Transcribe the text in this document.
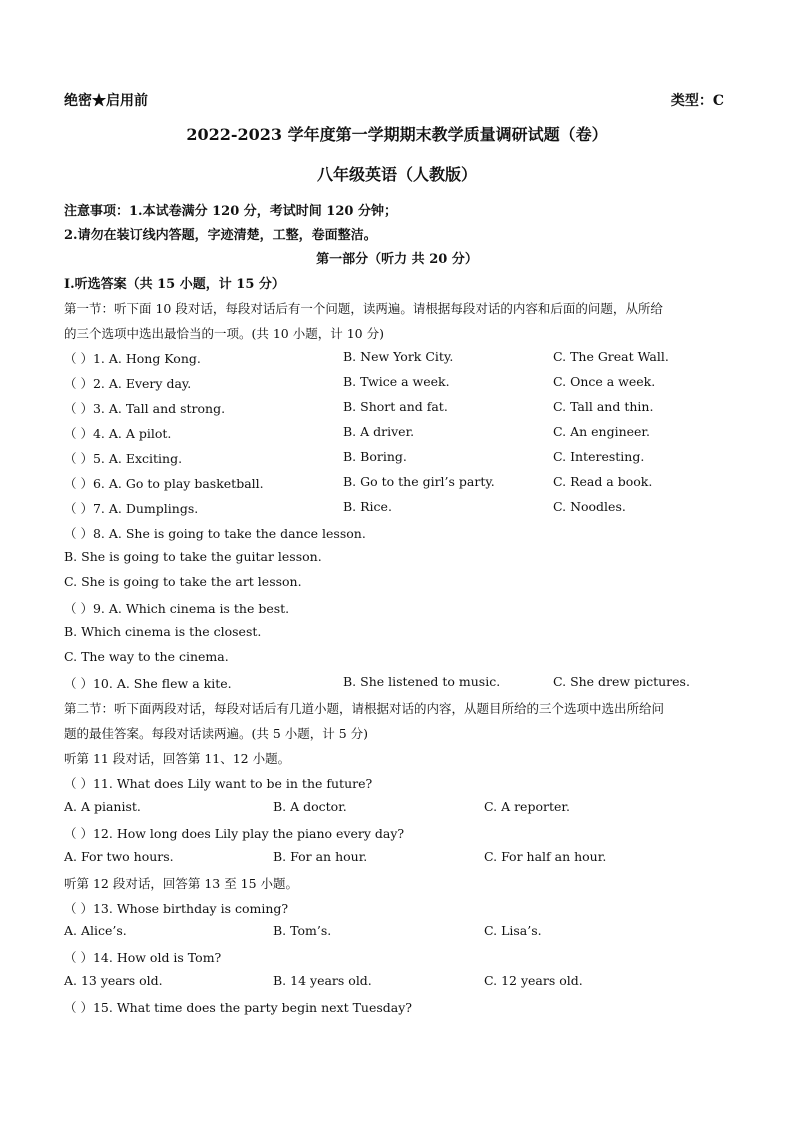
绝密★启用前	类型：C
2022-2023 学年度第一学期期末教学质量调研试题（卷）
八年级英语（人教版）
注意事项：1.本试卷满分 120 分，考试时间 120 分钟；
2.请勿在装订线内答题，字迹清楚，工整，卷面整洁。
第一部分（听力 共 20 分）
Ⅰ.听选答案（共 15 小题，计 15 分）
第一节：听下面 10 段对话，每段对话后有一个问题，读两遍。请根据每段对话的内容和后面的问题，从所给
的三个选项中选出最恰当的一项。(共 10 小题，计 10 分)
（ ）1. A. Hong Kong.	B. New York City.	C. The Great Wall.
（ ）2. A. Every day.	B. Twice a week.	C. Once a week.
（ ）3. A. Tall and strong.	B. Short and fat.	C. Tall and thin.
（ ）4. A. A pilot.	B. A driver.	C. An engineer.
（ ）5. A. Exciting.	B. Boring.	C. Interesting.
（ ）6. A. Go to play basketball.	B. Go to the girl’s party.	C. Read a book.
（ ）7. A. Dumplings.	B. Rice.	C. Noodles.
（ ）8. A. She is going to take the dance lesson.
B. She is going to take the guitar lesson.
C. She is going to take the art lesson.
（ ）9. A. Which cinema is the best.
B. Which cinema is the closest.
C. The way to the cinema.
（ ）10. A. She flew a kite.	B. She listened to music.	C. She drew pictures.
第二节：听下面两段对话，每段对话后有几道小题，请根据对话的内容，从题目所给的三个选项中选出所给问
题的最佳答案。每段对话读两遍。(共 5 小题，计 5 分)
听第 11 段对话，回答第 11、12 小题。
（ ）11. What does Lily want to be in the future?
A. A pianist.	B. A doctor.	C. A reporter.
（ ）12. How long does Lily play the piano every day?
A. For two hours.	B. For an hour.	C. For half an hour.
听第 12 段对话，回答第 13 至 15 小题。
（ ）13. Whose birthday is coming?
A. Alice’s.	B. Tom’s.	C. Lisa’s.
（ ）14. How old is Tom?
A. 13 years old.	B. 14 years old.	C. 12 years old.
（ ）15. What time does the party begin next Tuesday?
